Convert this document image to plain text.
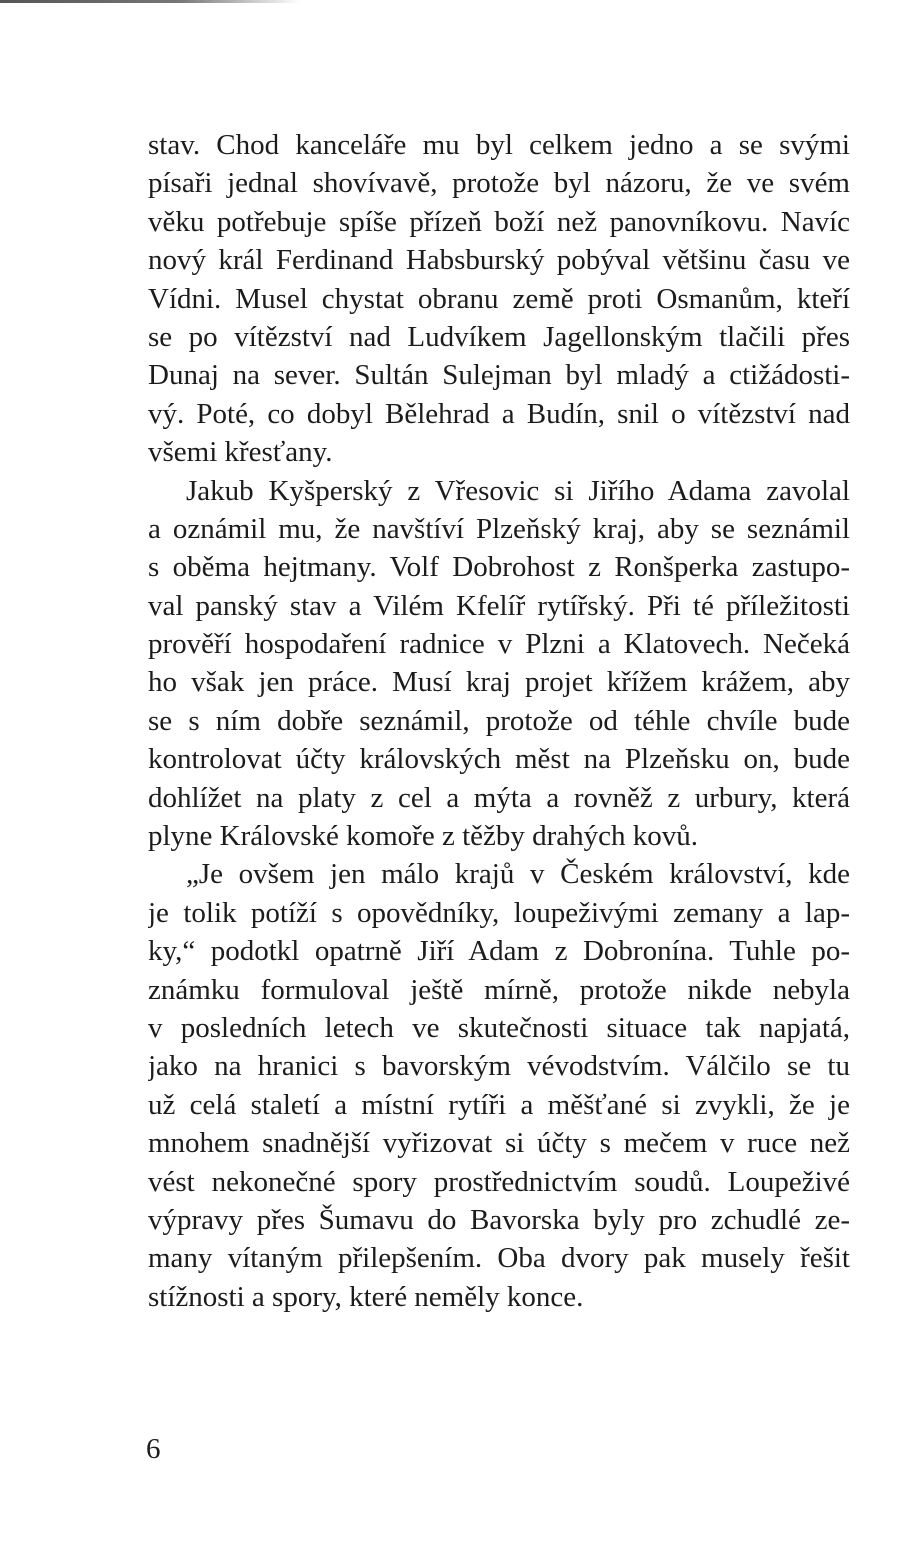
stav. Chod kanceláře mu byl celkem jedno a se svými
písaři jednal shovívavě, protože byl názoru, že ve svém
věku potřebuje spíše přízeň boží než panovníkovu. Navíc
nový král Ferdinand Habsburský pobýval většinu času ve
Vídni. Musel chystat obranu země proti Osmanům, kteří
se po vítězství nad Ludvíkem Jagellonským tlačili přes
Dunaj na sever. Sultán Sulejman byl mladý a ctižádosti-
vý. Poté, co dobyl Bělehrad a Budín, snil o vítězství nad
všemi křesťany.
Jakub Kyšperský z Vřesovic si Jiřího Adama zavolal
a oznámil mu, že navštíví Plzeňský kraj, aby se seznámil
s oběma hejtmany. Volf Dobrohost z Ronšperka zastupo-
val panský stav a Vilém Kfelíř rytířský. Při té příležitosti
prověří hospodaření radnice v Plzni a Klatovech. Nečeká
ho však jen práce. Musí kraj projet křížem krážem, aby
se s ním dobře seznámil, protože od téhle chvíle bude
kontrolovat účty královských měst na Plzeňsku on, bude
dohlížet na platy z cel a mýta a rovněž z urbury, která
plyne Královské komoře z těžby drahých kovů.
„Je ovšem jen málo krajů v Českém království, kde
je tolik potíží s opovědníky, loupeživými zemany a lap-
ky,“ podotkl opatrně Jiří Adam z Dobronína. Tuhle po-
známku formuloval ještě mírně, protože nikde nebyla
v posledních letech ve skutečnosti situace tak napjatá,
jako na hranici s bavorským vévodstvím. Válčilo se tu
už celá staletí a místní rytíři a měšťané si zvykli, že je
mnohem snadnější vyřizovat si účty s mečem v ruce než
vést nekonečné spory prostřednictvím soudů. Loupeživé
výpravy přes Šumavu do Bavorska byly pro zchudlé ze-
many vítaným přilepšením. Oba dvory pak musely řešit
stížnosti a spory, které neměly konce.
6
